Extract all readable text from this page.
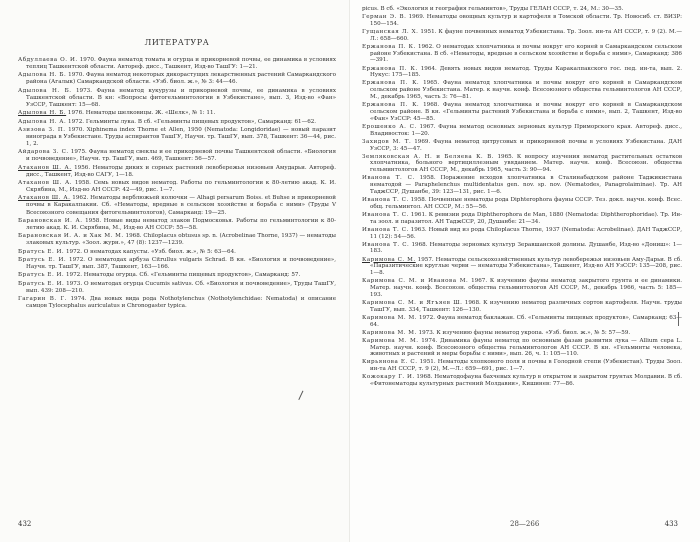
ЛИТЕРАТУРА

Абдуллаева О. И. 1970. Фауна нематод томата и огурца и прикорневой почвы, ее динамика в условиях теплиц Ташкентской области. Автореф. дисс., Ташкент, Изд-во ТашГУ: 1—21.

Адылова Н. Б. 1970. Фауна нематод некоторых дикорастущих лекарственных растений Самаркандского района (Агалык) Самаркандской области. «Узб. биол. ж.», № 3: 44—46.

Адылова Н. Б. 1973. Фауна нематод кукурузы и прикорневой почвы, ее динамика в условиях Ташкентской области. В кн: «Вопросы фитогельминтологии в Узбекистане», вып. 3, Изд-во «Фан» УзССР, Ташкент: 15—68.

Адылова Н. Б. 1976. Нематоды шелковицы. Ж. «Шелк», № 1: 11.

Адылова Н. А. 1972. Гельминты лука. В сб. «Гельминты пищевых продуктов», Самарканд: 61—62.

Азизова З. П. 1970. Xiphinema index Thorne et Allen, 1950 (Nematoda: Longidoridae) — новый паразит винограда в Узбекистане. Труды аспирантов ТашГУ, Научн. тр. ТашГУ, вып. 378, Ташкент: 36—44, рис. 1, 2.

Айдарова З. С. 1975. Фауна нематод свеклы и ее прикорневой почвы Ташкентской области. «Биология и почвоведение», Научн. тр. ТашГУ, вып. 469, Ташкент: 56—57.

Атаханов Ш. А. 1956. Нематоды диких и сорных растений левобережья низовьев Амударьи. Автореф. дисс., Ташкент, Изд-во САГУ, 1—18.

Атаханов Ш. А. 1958. Семь новых видов нематод. Работы по гельминтологии к 80-летию акад. К. И. Скрябина, М., Изд-во АН СССР: 42—49, рис. 1—7.

Атаханов Ш. А. 1962. Нематоды верблюжьей колючки — Alhagi persarum Boiss. et Buhse и прикорневой почвы в Каракалпакии. Сб. «Нематоды, вредные в сельском хозяйстве и борьба с ними» (Труды V Всесоюзного совещания фитогельминтологов), Самарканд: 19—25.

Барановская И. А. 1958. Новые виды нематод злаков Подмосковья. Работы по гельминтологии к 80-летию акад. К. И. Скрябина, М., Изд-во АН СССР: 55—58.

Барановская И. А. и Хак М. М. 1968. Chiloplacus obtusus sp. n. (Acrobelinae Thorne, 1937) — нематоды злаковых культур. «Зоол. журн.», 47 (8): 1237—1239.

Братусь Е. И. 1972. О нематодах капусты. «Узб. биол. ж.», № 5: 63—64.

Братусь Е. И. 1972. О нематодах арбуза Citrullus vulgaris Schrad. В кн. «Биология и почвоведение», Научн. тр. ТашГУ, вып. 387, Ташкент, 163—166.

Братусь Е. И. 1972. Нематоды огурца. Сб. «Гельминты пищевых продуктов», Самарканд: 57.

Братусь Е. И. 1973. О нематодах огурца Cucumis sativus. Сб. «Биология и почвоведение», Труды ТашГУ, вып. 439: 208—210.

Гагарин В. Г. 1974. Два новых вида рода Nothotylenchus (Nothotylenchidae: Nematoda) и описание самцов Tylocephalus auriculatus и Chronogaster typica.

432

picus. В сб. «Экология и география гельминтов», Труды ГЕЛАН СССР, т. 24, М.: 30—35.

Герман Э. В. 1969. Нематоды овощных культур и картофеля в Томской области. Тр. Новосиб. ст. ВИЗР: 150—154.

Гущанская Л. Х. 1951. К фауне почвенных нематод Узбекистана. Тр. Зоол. ин-та АН СССР, т. 9 (2). М.—Л.: 658—660.

Ержанова П. К. 1962. О нематодах хлопчатника и почвы вокруг его корней в Самаркандском сельском районе Узбекистана. В сб. «Нематоды, вредные в сельском хозяйстве и борьба с ними», Самарканд: 386—391.

Ержанова П. К. 1964. Девять новых видов нематод. Труды Каракалпакского гос. пед. ин-та, вып. 2. Нукус: 175—185.

Ержанова П. К. 1965. Фауна нематод хлопчатника и почвы вокруг его корней в Самаркандском сельском районе Узбекистана. Матер. к научн. конф. Всесоюзного общества гельминтологов АН СССР, М., декабрь 1965, часть 3: 76—81.

Ержанова П. К. 1968. Фауна нематод хлопчатника и почвы вокруг его корней в Самаркандском сельском районе. В кн. «Гельминты растений Узбекистана и борьба с ними», вып. 2, Ташкент, Изд-во «Фан» УзССР: 45—85.

Ерошенко А. С. 1967. Фауна нематод основных зерновых культур Приморского края. Автореф. дисс., Владивосток: 1—20.

Захидов М. Т. 1969. Фауна нематод цитрусовых и прикорневой почвы в условиях Узбекистана. ДАН УзССР, 3: 45—47.

Земляковская А. Н. и Беляева К. В. 1965. К вопросу изучения нематод растительных остатков хлопчатника, больного вертициллезным увяданием. Матер. научн. конф. Всесоюзн. общества гельминтологов АН СССР, М., декабрь 1965, часть 3: 90—94.

Иванова Т. С. 1958. Поражение всходов хлопчатника в Сталинабадском районе Таджикистана нематодой — Paraphelenchus multidentatus gen. nov. sp. nov. (Nematodes, Panagrolaiminae). Тр. АН ТаджССР, Душанбе, 39: 123—131, рис. 1—6.

Иванова Т. С. 1958. Почвенные нематоды рода Diphterophora фауны СССР. Тез. докл. научн. конф. Всес. общ. гельминтол. АН СССР, М.: 55—56.

Иванова Т. С. 1961. К ревизии рода Diphtherophora de Man, 1880 (Nematoda: Diphtherophoridae). Тр. Ин-та зоол. и паразитол. АН ТаджССР, 20, Душанбе: 21—34.

Иванова Т. С. 1963. Новый вид из рода Chiloplacus Thorne, 1937 (Nematoda: Acrobelinae). ДАН ТаджССР, 11 (12): 54—56.

Иванова Т. С. 1968. Нематоды зерновых культур Зеравшанской долины. Душанбе, Изд-во «Дониш»: 1—183.

Каримова С. М. 1957. Нематоды сельскохозяйственных культур левобережья низовьев Аму-Дарьи. В сб. «Паразитические круглые черви — нематоды Узбекистана», Ташкент, Изд-во АН УзССР: 135—208, рис. 1—8.

Каримова С. М. и Иванова М. 1967. К изучению фауны нематод закрытого грунта и ее динамики. Матер. научн. конф. Всесоюзн. общества гельминтологов АН СССР, М., декабрь 1966, часть 5: 185—193.

Каримова С. М. и Ягъяев Ш. 1968. К изучению нематод различных сортов картофеля. Научн. труды ТашГУ, вып. 334, Ташкент: 126—130.

Каримова М. М. 1972. Фауна нематод баклажан. Сб. «Гельминты пищевых продуктов», Самарканд: 63—64.

Каримова М. М. 1973. К изучению фауны нематод укропа. «Узб. биол. ж.», № 5: 57—59.

Каримова М. М. 1974. Динамика фауны нематод по основным фазам развития лука — Allium cepa L. Матер. научн. конф. Всесоюзного общества гельминтологов АН СССР. В кн. «Гельминты человека, животных и растений и меры борьбы с ними», вып. 26, ч. 1: 105—110.

Кирьянова Е. С. 1951. Нематоды хлопкового поля и почвы в Голодной степи (Узбекистан). Труды Зоол. ин-та АН СССР, т. 9 (2), М.—Л.: 659—691, рис. 1—7.

Кожокару Г. И. 1968. Нематодофауна бахчевых культур в открытом и закрытом грунтах Молдавии. В сб. «Фитонематоды культурных растений Молдавии», Кишинев: 77—86.

28—266	433
